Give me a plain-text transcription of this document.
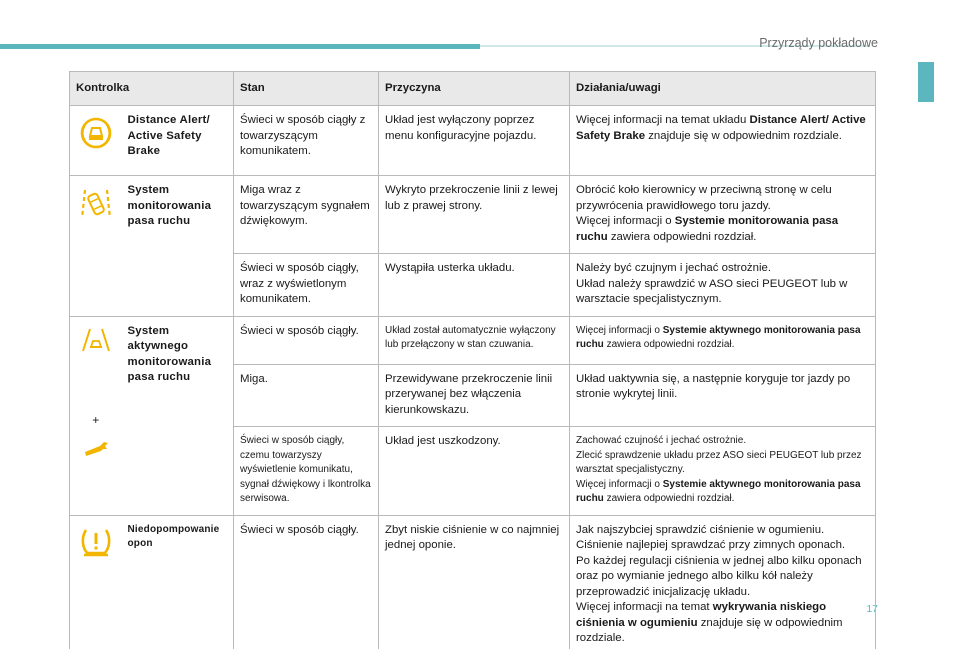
Przyrządy pokładowe
17
Kontrolka		Stan	Przyczyna	Działania/uwagi

	Distance Alert/ Active Safety Brake	Świeci w sposób ciągły z towarzyszącym komunikatem.	Układ jest wyłączony poprzez menu konfiguracyjne pojazdu.	Więcej informacji na temat układu Distance Alert/ Active Safety Brake znajduje się w odpowiednim rozdziale.

	System monitorowania pasa ruchu	Miga wraz z towarzyszącym sygnałem dźwiękowym.	Wykryto przekroczenie linii z lewej lub z prawej strony.	Obrócić koło kierownicy w przeciwną stronę w celu przywrócenia prawidłowego toru jazdy.
Więcej informacji o Systemie monitorowania pasa ruchu zawiera odpowiedni rozdział.
		Świeci w sposób ciągły, wraz z wyświetlonym komunikatem.	Wystąpiła usterka układu.	Należy być czujnym i jechać ostrożnie.
Układ należy sprawdzić w ASO sieci PEUGEOT lub w warsztacie specjalistycznym.

+	System aktywnego monitorowania pasa ruchu	Świeci w sposób ciągły.	Układ został automatycznie wyłączony lub przełączony w stan czuwania.	Więcej informacji o Systemie aktywnego monitorowania pasa ruchu zawiera odpowiedni rozdział.
		Miga.	Przewidywane przekroczenie linii przerywanej bez włączenia kierunkowskazu.	Układ uaktywnia się, a następnie koryguje tor jazdy po stronie wykrytej linii.
		Świeci w sposób ciągły, czemu towarzyszy wyświetlenie komunikatu, sygnał dźwiękowy i lkontrolka serwisowa.	Układ jest uszkodzony.	Zachować czujność i jechać ostrożnie.
Zlecić sprawdzenie układu przez ASO sieci PEUGEOT lub przez warsztat specjalistyczny.
Więcej informacji o Systemie aktywnego monitorowania pasa ruchu zawiera odpowiedni rozdział.

	Niedopompowanie opon	Świeci w sposób ciągły.	Zbyt niskie ciśnienie w co najmniej jednej oponie.	Jak najszybciej sprawdzić ciśnienie w ogumieniu.
Ciśnienie najlepiej sprawdzać przy zimnych oponach.
Po każdej regulacji ciśnienia w jednej albo kilku oponach oraz po wymianie jednego albo kilku kół należy przeprowadzić inicjalizację układu.
Więcej informacji na temat wykrywania niskiego ciśnienia w ogumieniu znajduje się w odpowiednim rozdziale.
